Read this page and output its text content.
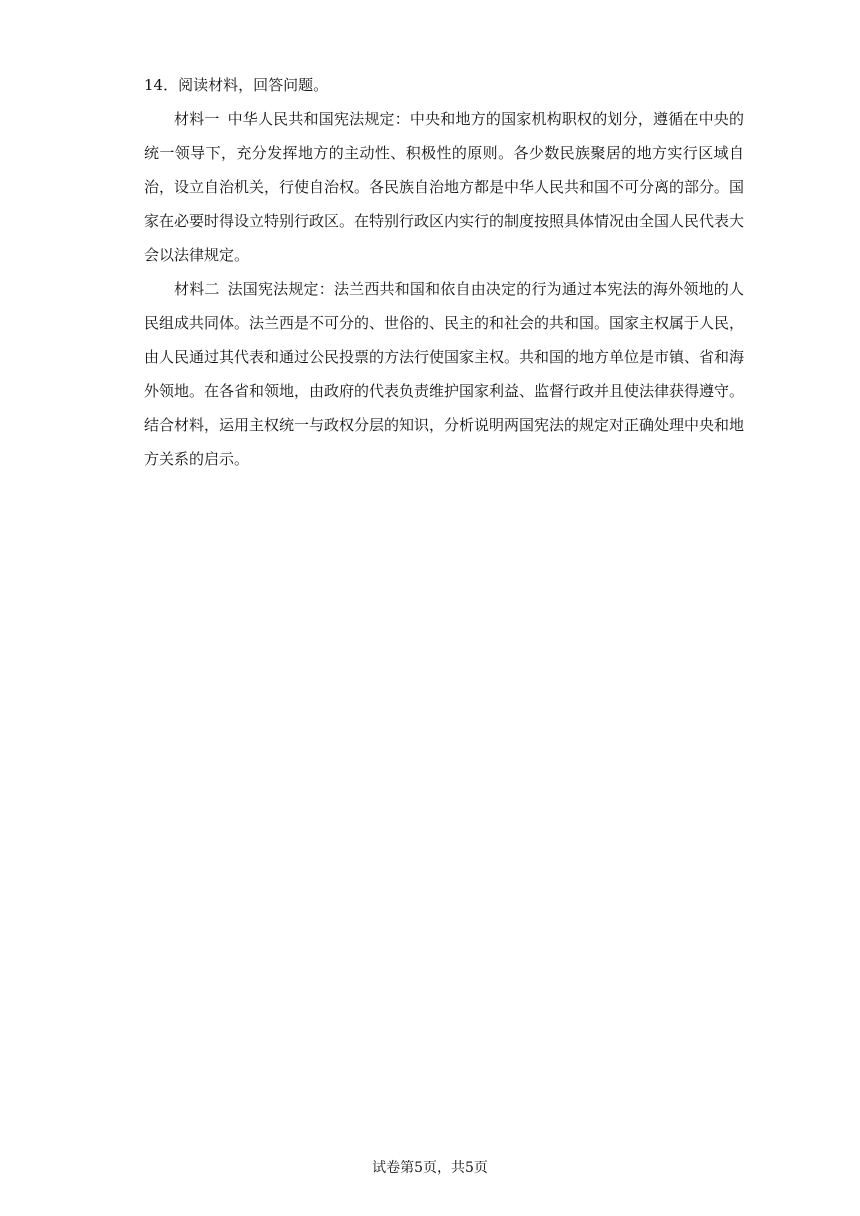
14．阅读材料，回答问题。

材料一 中华人民共和国宪法规定：中央和地方的国家机构职权的划分，遵循在中央的统一领导下，充分发挥地方的主动性、积极性的原则。各少数民族聚居的地方实行区域自治，设立自治机关，行使自治权。各民族自治地方都是中华人民共和国不可分离的部分。国家在必要时得设立特别行政区。在特别行政区内实行的制度按照具体情况由全国人民代表大会以法律规定。

材料二 法国宪法规定：法兰西共和国和依自由决定的行为通过本宪法的海外领地的人民组成共同体。法兰西是不可分的、世俗的、民主的和社会的共和国。国家主权属于人民，由人民通过其代表和通过公民投票的方法行使国家主权。共和国的地方单位是市镇、省和海外领地。在各省和领地，由政府的代表负责维护国家利益、监督行政并且使法律获得遵守。

结合材料，运用主权统一与政权分层的知识，分析说明两国宪法的规定对正确处理中央和地方关系的启示。

试卷第5页，共5页
